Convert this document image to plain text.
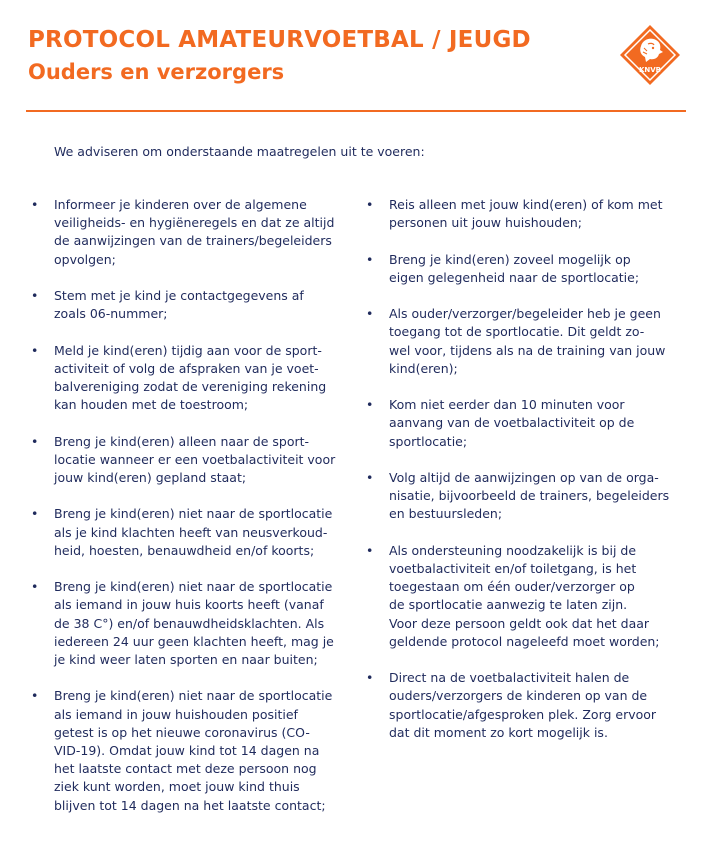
PROTOCOL AMATEURVOETBAL / JEUGD
Ouders en verzorgers	KNVB

We adviseren om onderstaande maatregelen uit te voeren:

• Informeer je kinderen over de algemene
veiligheids- en hygiëneregels en dat ze altijd
de aanwijzingen van de trainers/begeleiders
opvolgen;
• Stem met je kind je contactgegevens af
zoals 06-nummer;
• Meld je kind(eren) tijdig aan voor de sport-
activiteit of volg de afspraken van je voet-
balvereniging zodat de vereniging rekening
kan houden met de toestroom;
• Breng je kind(eren) alleen naar de sport-
locatie wanneer er een voetbalactiviteit voor
jouw kind(eren) gepland staat;
• Breng je kind(eren) niet naar de sportlocatie
als je kind klachten heeft van neusverkoud-
heid, hoesten, benauwdheid en/of koorts;
• Breng je kind(eren) niet naar de sportlocatie
als iemand in jouw huis koorts heeft (vanaf
de 38 C°) en/of benauwdheidsklachten. Als
iedereen 24 uur geen klachten heeft, mag je
je kind weer laten sporten en naar buiten;
• Breng je kind(eren) niet naar de sportlocatie
als iemand in jouw huishouden positief
getest is op het nieuwe coronavirus (CO-
VID-19). Omdat jouw kind tot 14 dagen na
het laatste contact met deze persoon nog
ziek kunt worden, moet jouw kind thuis
blijven tot 14 dagen na het laatste contact;
• Reis alleen met jouw kind(eren) of kom met
personen uit jouw huishouden;
• Breng je kind(eren) zoveel mogelijk op
eigen gelegenheid naar de sportlocatie;
• Als ouder/verzorger/begeleider heb je geen
toegang tot de sportlocatie. Dit geldt zo-
wel voor, tijdens als na de training van jouw
kind(eren);
• Kom niet eerder dan 10 minuten voor
aanvang van de voetbalactiviteit op de
sportlocatie;
• Volg altijd de aanwijzingen op van de orga-
nisatie, bijvoorbeeld de trainers, begeleiders
en bestuursleden;
• Als ondersteuning noodzakelijk is bij de
voetbalactiviteit en/of toiletgang, is het
toegestaan om één ouder/verzorger op
de sportlocatie aanwezig te laten zijn.
Voor deze persoon geldt ook dat het daar
geldende protocol nageleefd moet worden;
• Direct na de voetbalactiviteit halen de
ouders/verzorgers de kinderen op van de
sportlocatie/afgesproken plek. Zorg ervoor
dat dit moment zo kort mogelijk is.
